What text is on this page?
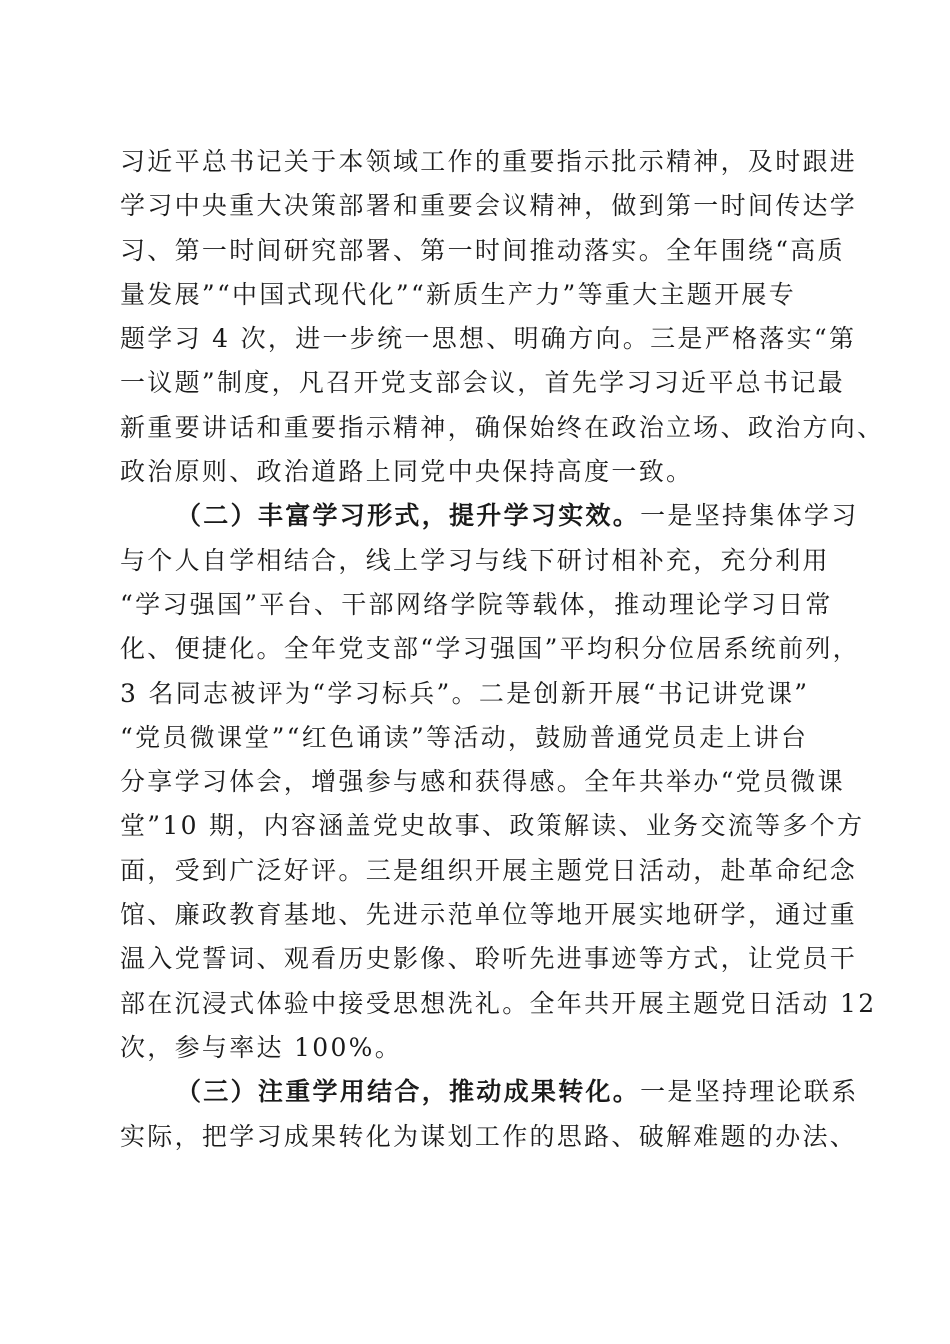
习近平总书记关于本领域工作的重要指示批示精神，及时跟进
学习中央重大决策部署和重要会议精神，做到第一时间传达学
习、第一时间研究部署、第一时间推动落实。全年围绕“高质
量发展”“中国式现代化”“新质生产力”等重大主题开展专
题学习 4 次，进一步统一思想、明确方向。三是严格落实“第
一议题”制度，凡召开党支部会议，首先学习习近平总书记最
新重要讲话和重要指示精神，确保始终在政治立场、政治方向、
政治原则、政治道路上同党中央保持高度一致。
（二）丰富学习形式，提升学习实效。一是坚持集体学习
与个人自学相结合，线上学习与线下研讨相补充，充分利用
“学习强国”平台、干部网络学院等载体，推动理论学习日常
化、便捷化。全年党支部“学习强国”平均积分位居系统前列，
3 名同志被评为“学习标兵”。二是创新开展“书记讲党课”
“党员微课堂”“红色诵读”等活动，鼓励普通党员走上讲台
分享学习体会，增强参与感和获得感。全年共举办“党员微课
堂”10 期，内容涵盖党史故事、政策解读、业务交流等多个方
面，受到广泛好评。三是组织开展主题党日活动，赴革命纪念
馆、廉政教育基地、先进示范单位等地开展实地研学，通过重
温入党誓词、观看历史影像、聆听先进事迹等方式，让党员干
部在沉浸式体验中接受思想洗礼。全年共开展主题党日活动 12
次，参与率达 100%。
（三）注重学用结合，推动成果转化。一是坚持理论联系
实际，把学习成果转化为谋划工作的思路、破解难题的办法、
